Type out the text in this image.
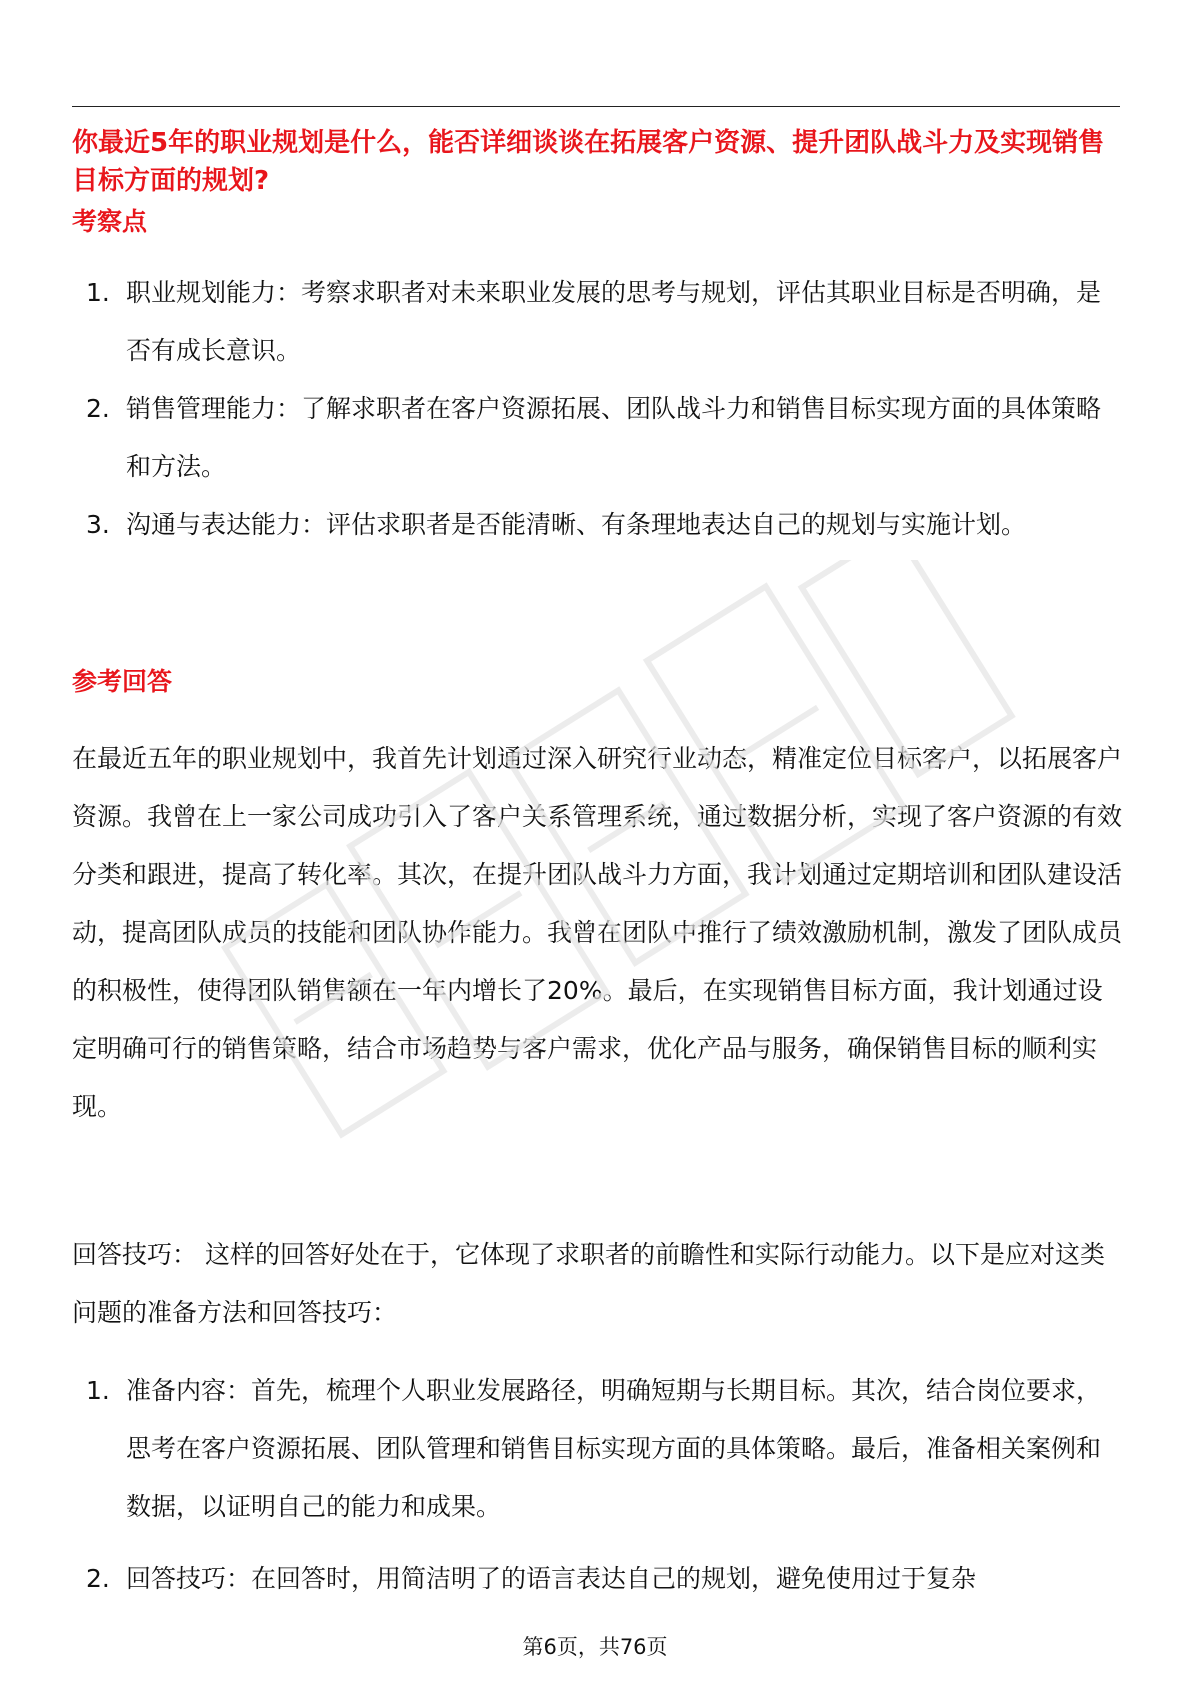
你最近5年的职业规划是什么，能否详细谈谈在拓展客户资源、提升团队战斗力及实现销售目标方面的规划?
考察点
1. 职业规划能力：考察求职者对未来职业发展的思考与规划，评估其职业目标是否明确，是否有成长意识。
2. 销售管理能力：了解求职者在客户资源拓展、团队战斗力和销售目标实现方面的具体策略和方法。
3. 沟通与表达能力：评估求职者是否能清晰、有条理地表达自己的规划与实施计划。
参考回答

在最近五年的职业规划中，我首先计划通过深入研究行业动态，精准定位目标客户，以拓展客户资源。我曾在上一家公司成功引入了客户关系管理系统，通过数据分析，实现了客户资源的有效分类和跟进，提高了转化率。其次，在提升团队战斗力方面，我计划通过定期培训和团队建设活动，提高团队成员的技能和团队协作能力。我曾在团队中推行了绩效激励机制，激发了团队成员的积极性，使得团队销售额在一年内增长了20%。最后，在实现销售目标方面，我计划通过设定明确可行的销售策略，结合市场趋势与客户需求，优化产品与服务，确保销售目标的顺利实现。

回答技巧： 这样的回答好处在于，它体现了求职者的前瞻性和实际行动能力。以下是应对这类问题的准备方法和回答技巧：

1. 准备内容：首先，梳理个人职业发展路径，明确短期与长期目标。其次，结合岗位要求，思考在客户资源拓展、团队管理和销售目标实现方面的具体策略。最后，准备相关案例和数据，以证明自己的能力和成果。
2. 回答技巧：在回答时，用简洁明了的语言表达自己的规划，避免使用过于复杂
第6页，共76页
